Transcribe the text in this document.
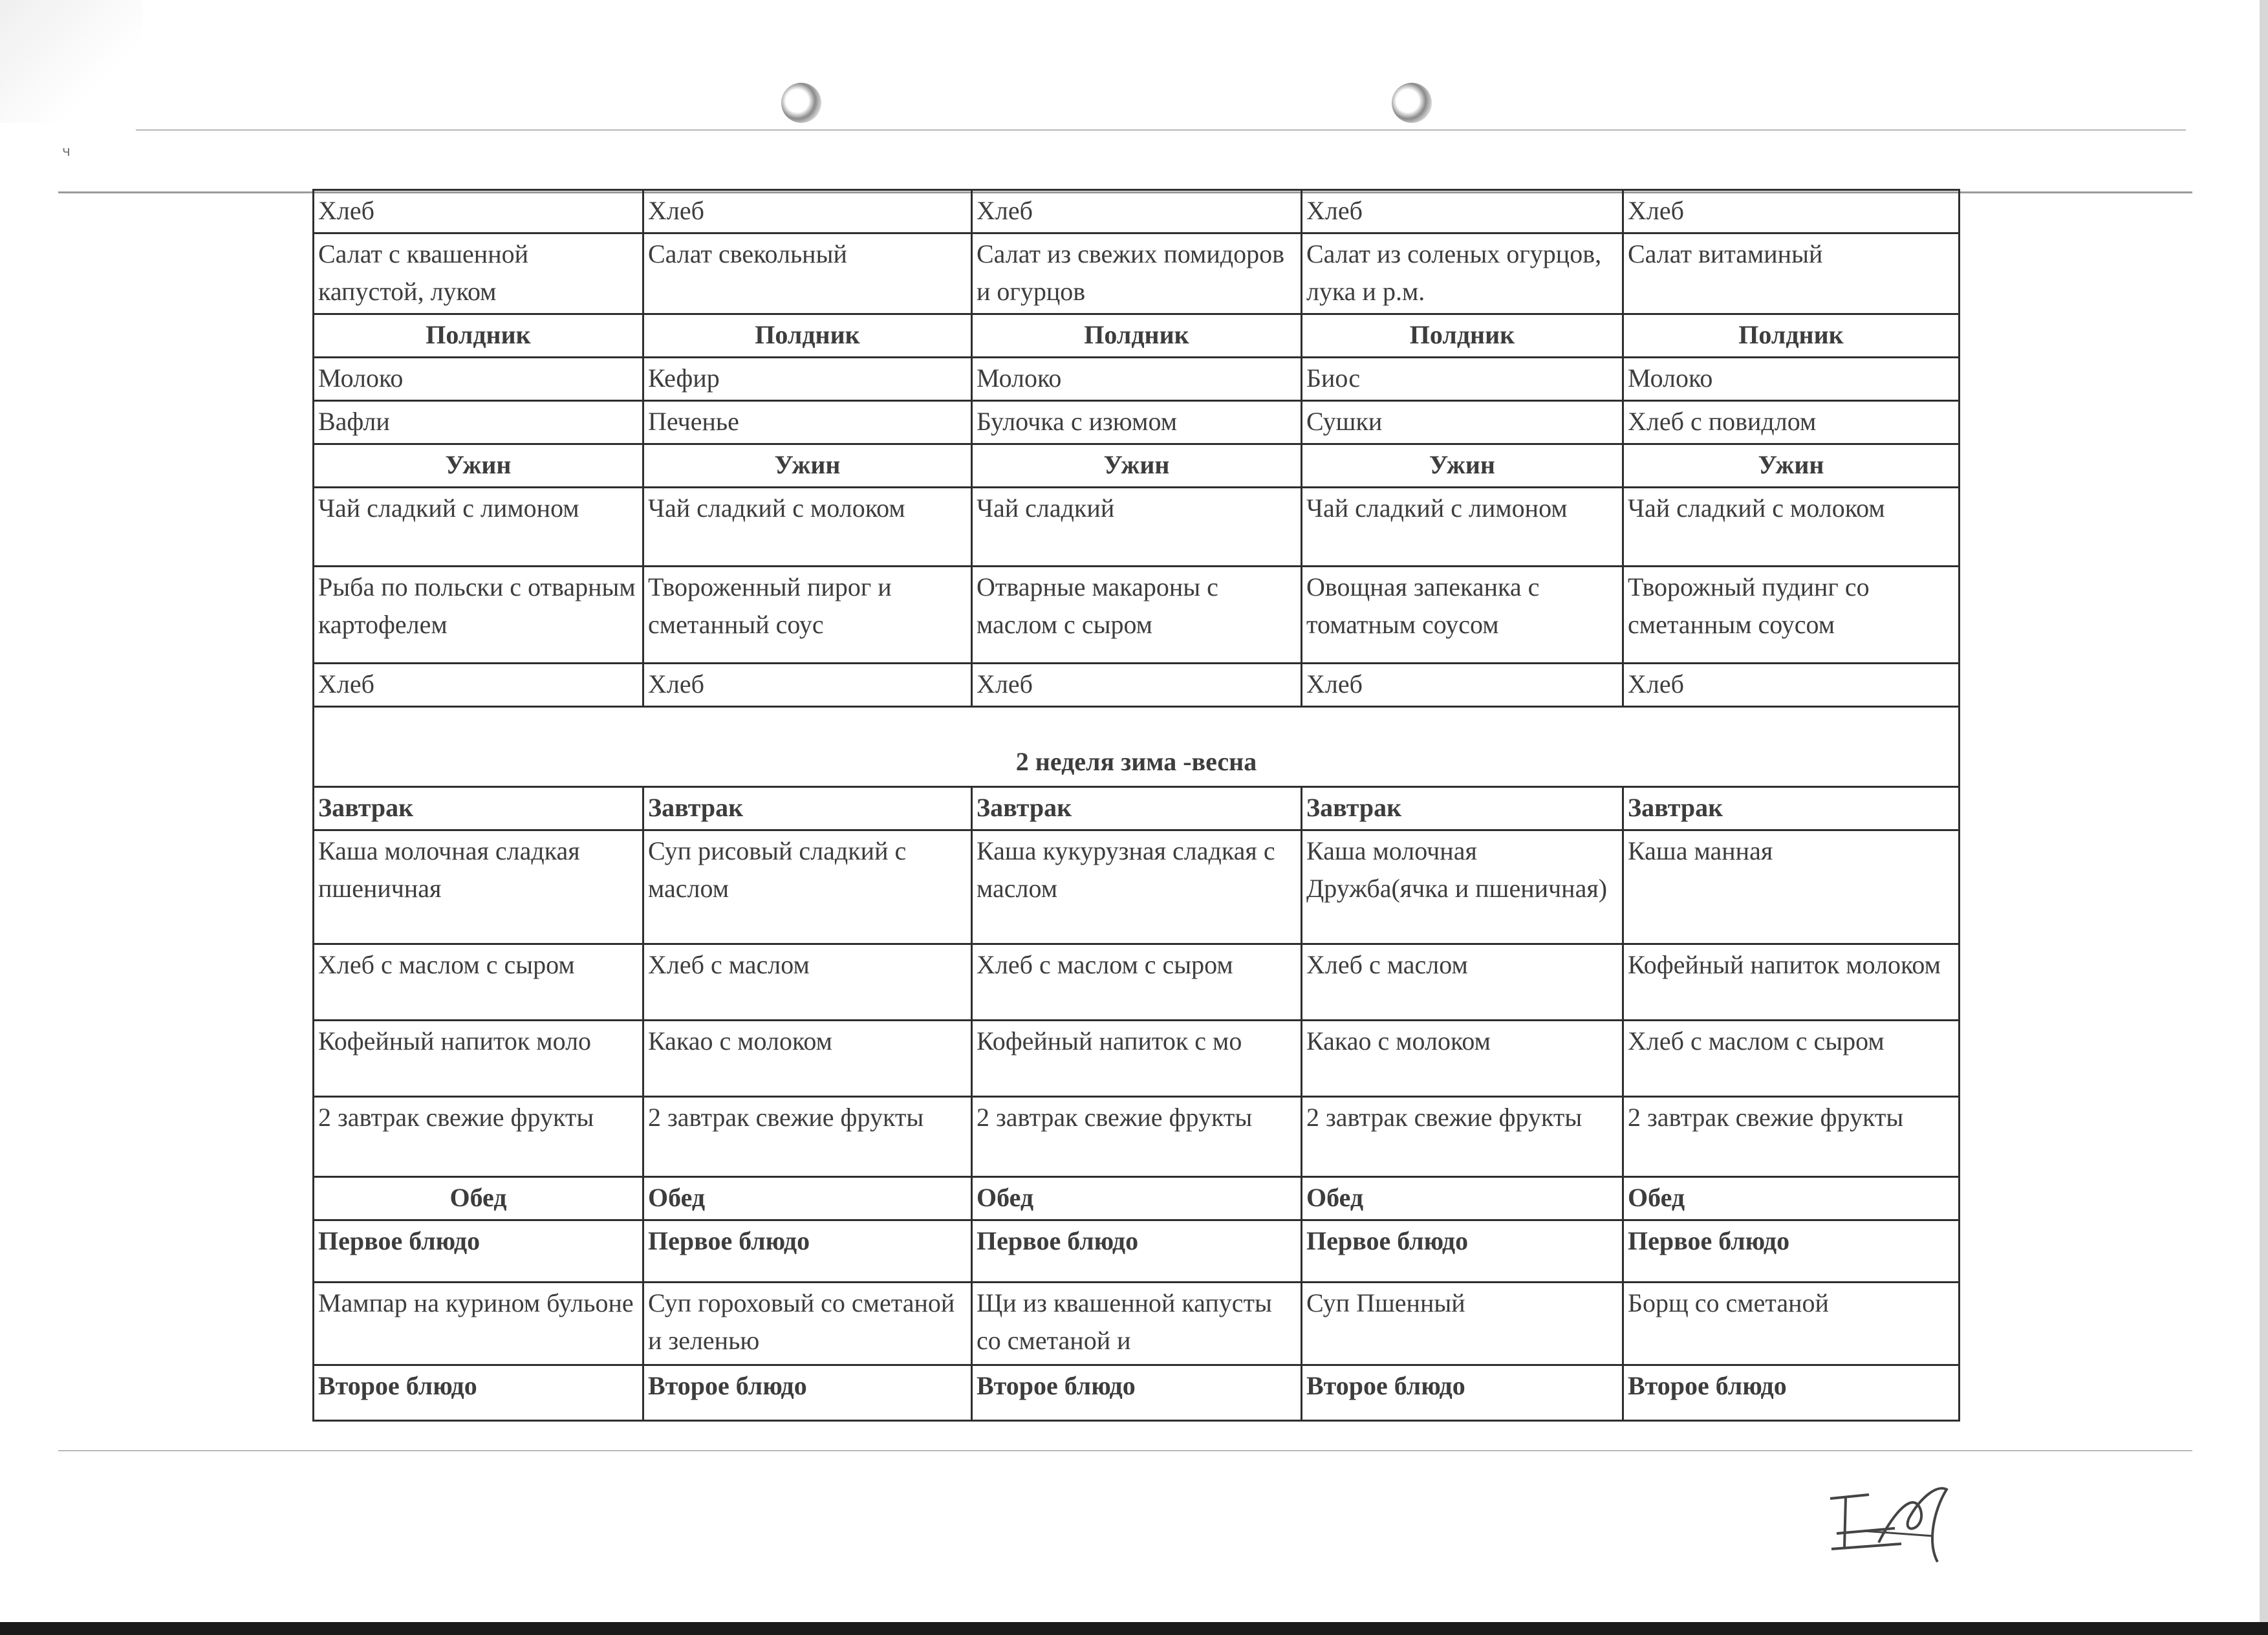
ч
Хлеб	Хлеб	Хлеб	Хлеб	Хлеб
Салат с квашенной капустой, луком	Салат свекольный	Салат из свежих помидоров и огурцов	Салат из соленых огурцов, лука и р.м.	Салат витаминый
Полдник	Полдник	Полдник	Полдник	Полдник
Молоко	Кефир	Молоко	Биос	Молоко
Вафли	Печенье	Булочка с изюмом	Сушки	Хлеб с повидлом
Ужин	Ужин	Ужин	Ужин	Ужин
Чай сладкий с лимоном	Чай сладкий с молоком	Чай сладкий	Чай сладкий с лимоном	Чай сладкий с молоком
Рыба по польски с отварным картофелем	Твороженный пирог и сметанный соус	Отварные макароны с маслом с сыром	Овощная запеканка с томатным соусом	Творожный пудинг со сметанным соусом
Хлеб	Хлеб	Хлеб	Хлеб	Хлеб
2 неделя зима -весна				
Завтрак	Завтрак	Завтрак	Завтрак	Завтрак
Каша молочная сладкая пшеничная	Суп рисовый сладкий с маслом	Каша кукурузная сладкая с маслом	Каша молочная Дружба(ячка и пшеничная)	Каша манная
Хлеб с маслом с сыром	Хлеб с маслом	Хлеб с маслом с сыром	Хлеб с маслом	Кофейный напиток молоком
Кофейный напиток моло	Какао с молоком	Кофейный напиток с мо	Какао с молоком	Хлеб с маслом с сыром
2 завтрак свежие фрукты	2 завтрак свежие фрукты	2 завтрак свежие фрукты	2 завтрак свежие фрукты	2 завтрак свежие фрукты
Обед	Обед	Обед	Обед	Обед
Первое блюдо	Первое блюдо	Первое блюдо	Первое блюдо	Первое блюдо
Мампар на курином бульоне	Суп гороховый со сметаной и зеленью	Щи из квашенной капусты со сметаной и	Суп Пшенный	Борщ со сметаной
Второе блюдо	Второе блюдо	Второе блюдо	Второе блюдо	Второе блюдо
